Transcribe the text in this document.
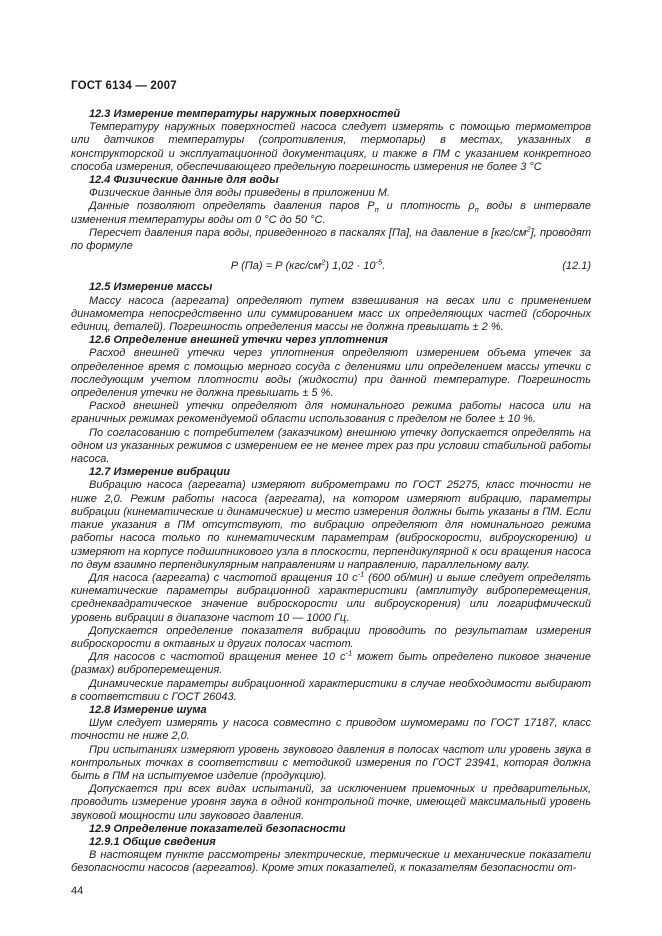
ГОСТ 6134 — 2007

12.3 Измерение температуры наружных поверхностей

Температуру наружных поверхностей насоса следует измерять с помощью термометров или датчиков температуры (сопротивления, термопары) в местах, указанных в конструкторской и эксплуатационной документациях, и также в ПМ с указанием конкретного способа измерения, обеспечивающего предельную погрешность измерения не более 3 °С

12.4 Физические данные для воды

Физические данные для воды приведены в приложении М.

Данные позволяют определять давления паров $Р_п$ и плотность $\rho_п$ воды в интервале изменения температуры воды от 0 °С до 50 °С.

Пересчет давления пара воды, приведенного в паскалях [Па], на давление в $[кгс/см^2]$, проводят по формуле

Р (Па) = Р $(кгс/см^2) 1,02 \cdot 10^{-5}$.	(12.1)

12.5 Измерение массы

Массу насоса (агрегата) определяют путем взвешивания на весах или с применением динамометра непосредственно или суммированием масс их определяющих частей (сборочных единиц, деталей). Погрешность определения массы не должна превышать ± 2 %.

12.6 Определение внешней утечки через уплотнения

Расход внешней утечки через уплотнения определяют измерением объема утечек за определенное время с помощью мерного сосуда с делениями или определением массы утечки с последующим учетом плотности воды (жидкости) при данной температуре. Погрешность определения утечки не должна превышать ± 5 %.

Расход внешней утечки определяют для номинального режима работы насоса или на граничных режимах рекомендуемой области использования с пределом не более ± 10 %.

По согласованию с потребителем (заказчиком) внешнюю утечку допускается определять на одном из указанных режимов с измерением ее не менее трех раз при условии стабильной работы насоса.

12.7 Измерение вибрации

Вибрацию насоса (агрегата) измеряют виброметрами по ГОСТ 25275, класс точности не ниже 2,0. Режим работы насоса (агрегата), на котором измеряют вибрацию, параметры вибрации (кинематические и динамические) и место измерения должны быть указаны в ПМ. Если такие указания в ПМ отсутствуют, то вибрацию определяют для номинального режима работы насоса только по кинематическим параметрам (виброскорости, виброускорению) и измеряют на корпусе подшипникового узла в плоскости, перпендикулярной к оси вращения насоса по двум взаимно перпендикулярным направлениям и направлению, параллельному валу.

Для насоса (агрегата) с частотой вращения 10 $с^{-1}$ (600 об/мин) и выше следует определять кинематические параметры вибрационной характеристики (амплитуду виброперемещения, среднеквадратическое значение виброскорости или виброускорения) или логарифмический уровень вибрации в диапазоне частот 10 — 1000 Гц.

Допускается определение показателя вибрации проводить по результатам измерения виброскорости в октавных и других полосах частот.

Для насосов с частотой вращения менее 10 $с^{-1}$ может быть определено пиковое значение (размах) виброперемещения.

Динамические параметры вибрационной характеристики в случае необходимости выбирают в соответствии с ГОСТ 26043.

12.8 Измерение шума

Шум следует измерять у насоса совместно с приводом шумомерами по ГОСТ 17187, класс точности не ниже 2,0.

При испытаниях измеряют уровень звукового давления в полосах частот или уровень звука в контрольных точках в соответствии с методикой измерения по ГОСТ 23941, которая должна быть в ПМ на испытуемое изделие (продукцию).

Допускается при всех видах испытаний, за исключением приемочных и предварительных, проводить измерение уровня звука в одной контрольной точке, имеющей максимальный уровень звуковой мощности или звукового давления.

12.9 Определение показателей безопасности

12.9.1 Общие сведения

В настоящем пункте рассмотрены электрические, термические и механические показатели безопасности насосов (агрегатов). Кроме этих показателей, к показателям безопасности от-

44
